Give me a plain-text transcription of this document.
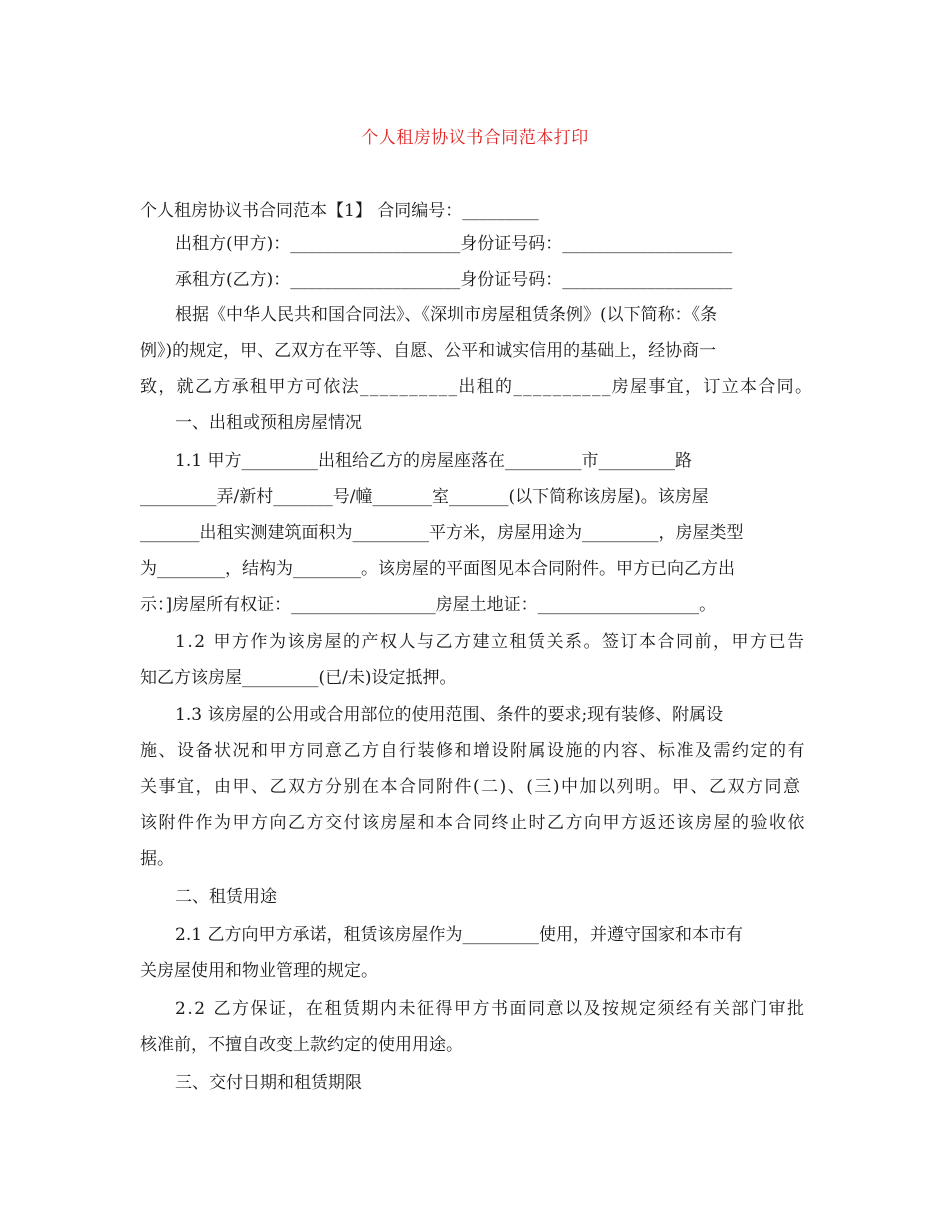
个人租房协议书合同范本打印
个人租房协议书合同范本【1】 合同编号：_________
出租方(甲方)：____________________身份证号码：____________________
承租方(乙方)：____________________身份证号码：____________________
根据《中华人民共和国合同法》、《深圳市房屋租赁条例》(以下简称：《条
例》)的规定，甲、乙双方在平等、自愿、公平和诚实信用的基础上，经协商一
致，就乙方承租甲方可依法__________出租的__________房屋事宜，订立本合同。
一、出租或预租房屋情况
1.1 甲方_________出租给乙方的房屋座落在_________市_________路
_________弄/新村_______号/幢_______室_______(以下简称该房屋)。该房屋
_______出租实测建筑面积为_________平方米，房屋用途为_________，房屋类型
为________，结构为________。该房屋的平面图见本合同附件。甲方已向乙方出
示：]房屋所有权证：_________________房屋土地证：___________________。
1.2 甲方作为该房屋的产权人与乙方建立租赁关系。签订本合同前，甲方已告
知乙方该房屋_________(已/未)设定抵押。
1.3 该房屋的公用或合用部位的使用范围、条件的要求;现有装修、附属设
施、设备状况和甲方同意乙方自行装修和增设附属设施的内容、标准及需约定的有
关事宜，由甲、乙双方分别在本合同附件(二)、(三)中加以列明。甲、乙双方同意
该附件作为甲方向乙方交付该房屋和本合同终止时乙方向甲方返还该房屋的验收依
据。
二、租赁用途
2.1 乙方向甲方承诺，租赁该房屋作为_________使用，并遵守国家和本市有
关房屋使用和物业管理的规定。
2.2 乙方保证，在租赁期内未征得甲方书面同意以及按规定须经有关部门审批
核准前，不擅自改变上款约定的使用用途。
三、交付日期和租赁期限
